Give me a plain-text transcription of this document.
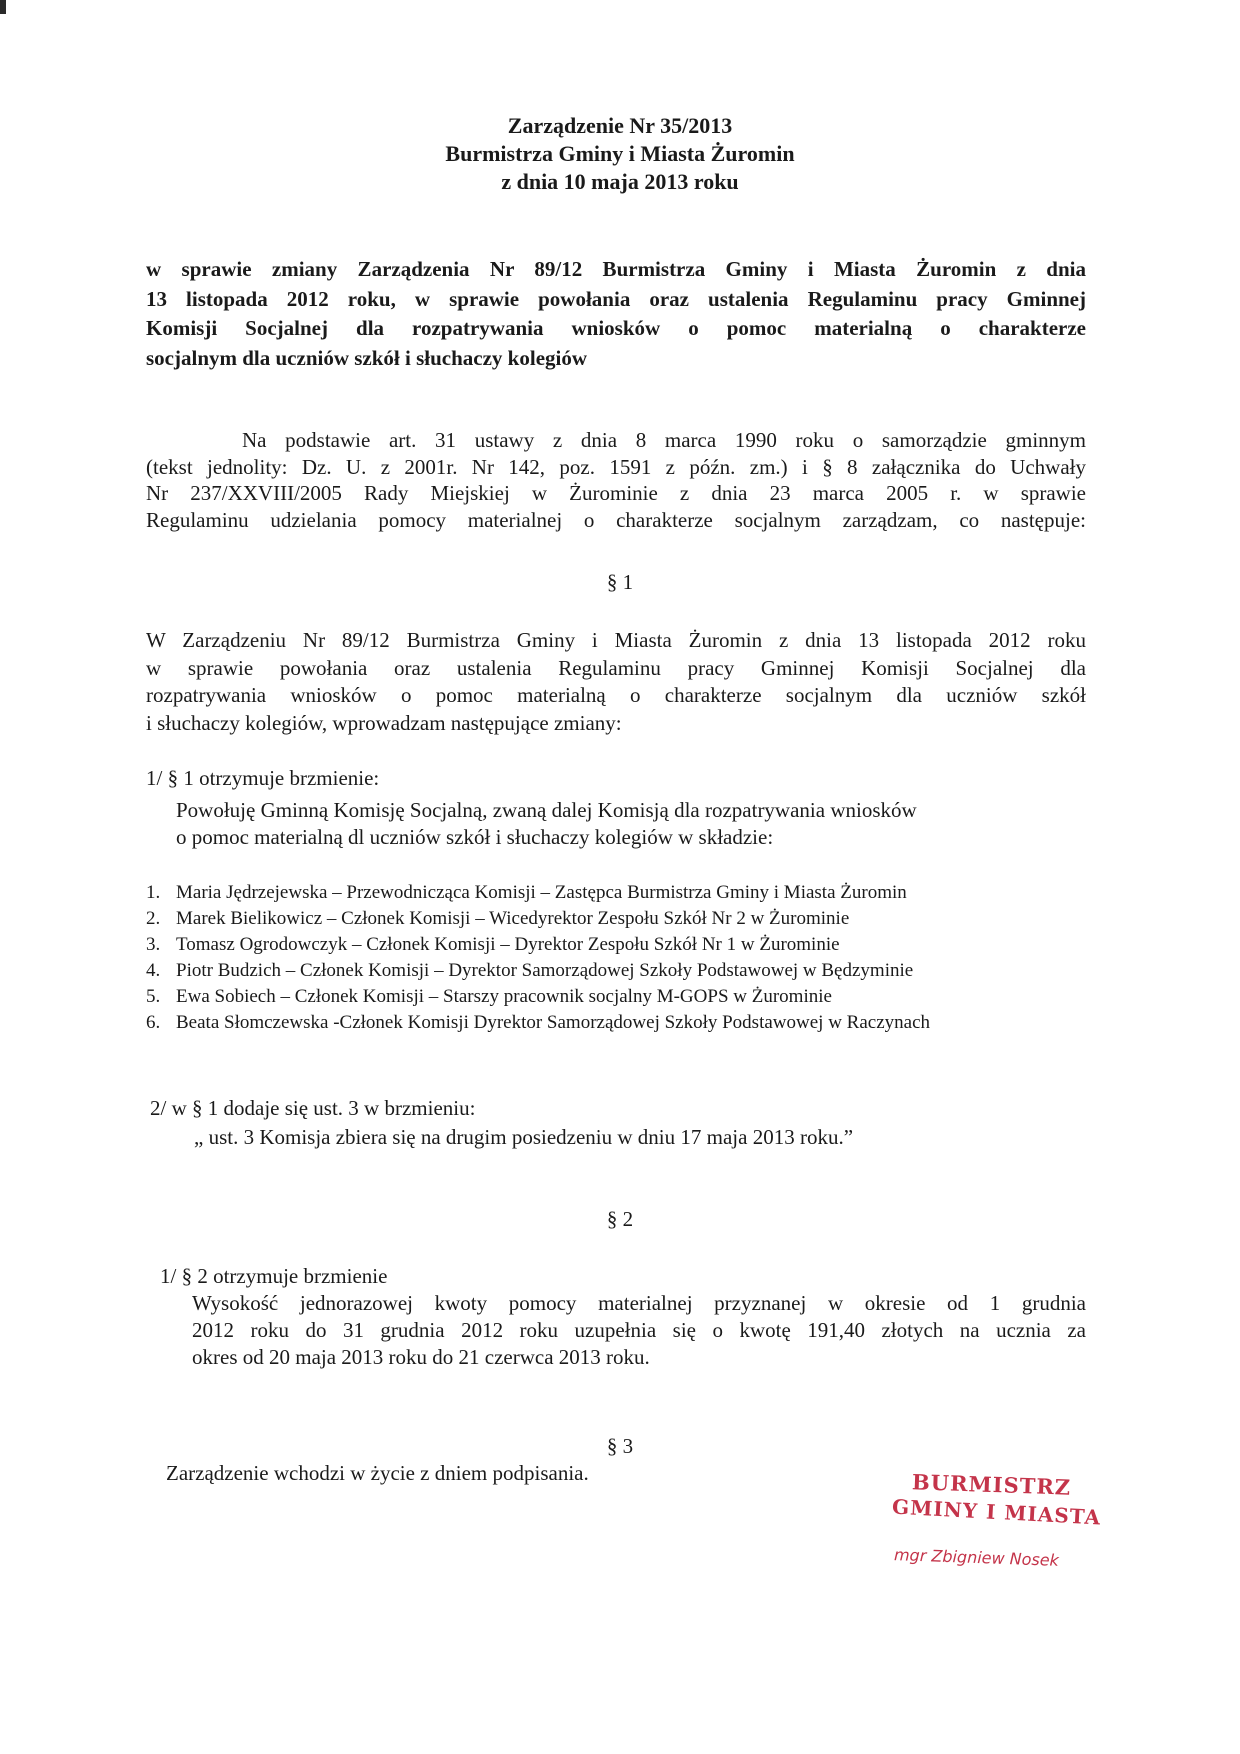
Zarządzenie Nr 35/2013
Burmistrza Gminy i Miasta Żuromin
z dnia 10 maja 2013 roku
w sprawie zmiany Zarządzenia Nr 89/12 Burmistrza Gminy i Miasta Żuromin z dnia
13 listopada 2012 roku, w sprawie powołania oraz ustalenia Regulaminu pracy Gminnej
Komisji Socjalnej dla rozpatrywania wniosków o pomoc materialną o charakterze
socjalnym dla uczniów szkół i słuchaczy kolegiów
Na podstawie art. 31 ustawy z dnia 8 marca 1990 roku o samorządzie gminnym
(tekst jednolity: Dz. U. z 2001r. Nr 142, poz. 1591 z późn. zm.) i § 8 załącznika do Uchwały
Nr 237/XXVIII/2005 Rady Miejskiej w Żurominie z dnia 23 marca 2005 r. w sprawie
Regulaminu udzielania pomocy materialnej o charakterze socjalnym zarządzam, co następuje:
§ 1
W Zarządzeniu Nr 89/12 Burmistrza Gminy i Miasta Żuromin z dnia 13 listopada 2012 roku
w sprawie powołania oraz ustalenia Regulaminu pracy Gminnej Komisji Socjalnej dla
rozpatrywania wniosków o pomoc materialną o charakterze socjalnym dla uczniów szkół
i słuchaczy kolegiów, wprowadzam następujące zmiany:
1/ § 1 otrzymuje brzmienie:
Powołuję Gminną Komisję Socjalną, zwaną dalej Komisją dla rozpatrywania wniosków
o pomoc materialną dl uczniów szkół i słuchaczy kolegiów w składzie:
1. Maria Jędrzejewska – Przewodnicząca Komisji – Zastępca Burmistrza Gminy i Miasta Żuromin
2. Marek Bielikowicz – Członek Komisji – Wicedyrektor Zespołu Szkół Nr 2 w Żurominie
3. Tomasz Ogrodowczyk – Członek Komisji – Dyrektor Zespołu Szkół Nr 1 w Żurominie
4. Piotr Budzich – Członek Komisji – Dyrektor Samorządowej Szkoły Podstawowej w Będzyminie
5. Ewa Sobiech – Członek Komisji – Starszy pracownik socjalny M-GOPS w Żurominie
6. Beata Słomczewska -Członek Komisji Dyrektor Samorządowej Szkoły Podstawowej w Raczynach
2/ w § 1 dodaje się ust. 3 w brzmieniu:
„ ust. 3 Komisja zbiera się na drugim posiedzeniu w dniu 17 maja 2013 roku.”
§ 2
1/ § 2 otrzymuje brzmienie
Wysokość jednorazowej kwoty pomocy materialnej przyznanej w okresie od 1 grudnia
2012 roku do 31 grudnia 2012 roku uzupełnia się o kwotę 191,40 złotych na ucznia za
okres od 20 maja 2013 roku do 21 czerwca 2013 roku.
§ 3
Zarządzenie wchodzi w życie z dniem podpisania.	BURMISTRZ
GMINY I MIASTA
mgr Zbigniew Nosek
